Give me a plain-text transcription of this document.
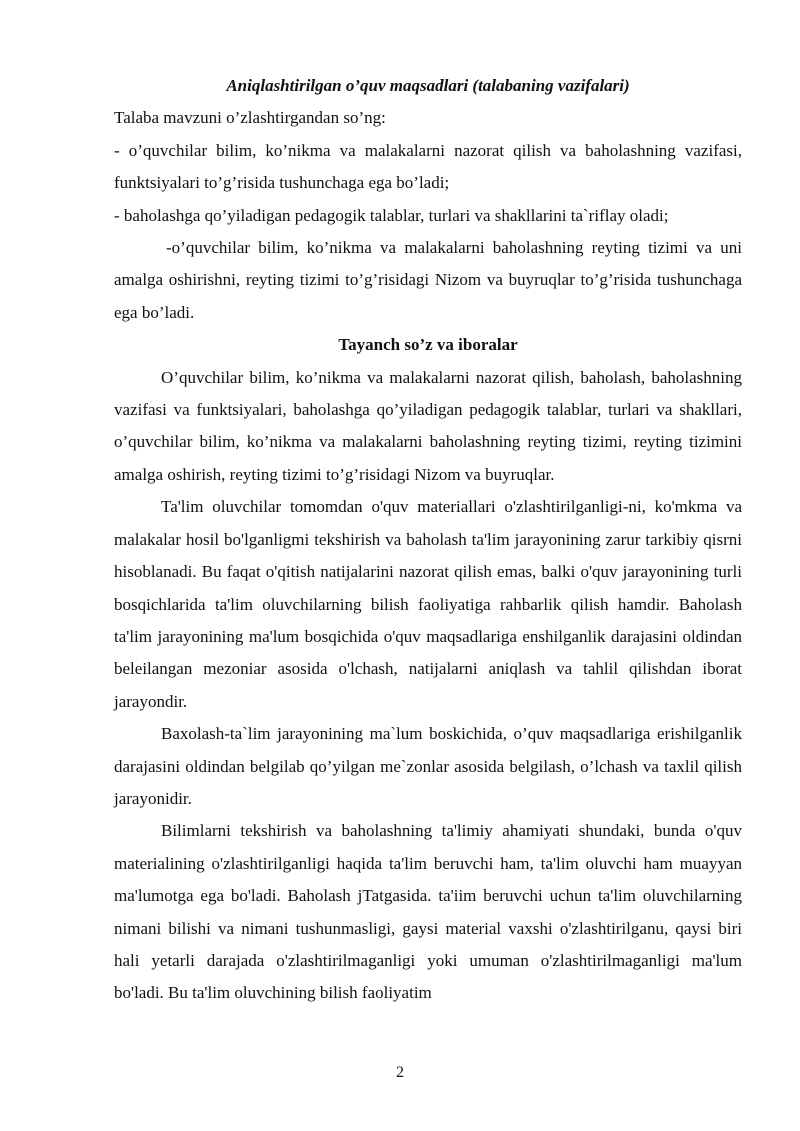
Aniqlashtirilgan o’quv maqsadlari (talabaning vazifalari)

Talaba mavzuni o’zlashtirgandan so’ng:

- o’quvchilar bilim, ko’nikma va malakalarni nazorat qilish va baholashning vazifasi, funktsiyalari to’g’risida tushunchaga ega bo’ladi;

- baholashga qo’yiladigan pedagogik talablar, turlari va shakllarini ta`riflay oladi;

-o’quvchilar bilim, ko’nikma va malakalarni baholashning reyting tizimi va uni amalga oshirishni, reyting tizimi to’g’risidagi Nizom va buyruqlar to’g’risida tushunchaga ega bo’ladi.

Tayanch so’z va iboralar

O’quvchilar bilim, ko’nikma va malakalarni nazorat qilish, baholash, baholashning vazifasi va funktsiyalari, baholashga qo’yiladigan pedagogik talablar, turlari va shakllari, o’quvchilar bilim, ko’nikma va malakalarni baholashning reyting tizimi, reyting tizimini amalga oshirish, reyting tizimi to’g’risidagi Nizom va buyruqlar.

Ta'lim oluvchilar tomomdan o'quv materiallari o'zlashtirilganligi-ni, ko'mkma va malakalar hosil bo'lganligmi tekshirish va baholash ta'lim jarayonining zarur tarkibiy qisrni hisoblanadi. Bu faqat o'qitish natijalarini nazorat qilish emas, balki o'quv jarayonining turli bosqichlarida ta'lim oluvchilarning bilish faoliyatiga rahbarlik qilish hamdir. Baholash ta'lim jarayonining ma'lum bosqichida o'quv maqsadlariga enshilganlik darajasini oldindan beleilangan mezoniar asosida o'lchash, natijalarni aniqlash va tahlil qilishdan iborat jarayondir.

Baxolash-ta`lim jarayonining ma`lum boskichida, o’quv maqsadlariga erishilganlik darajasini oldindan belgilab qo’yilgan me`zonlar asosida belgilash, o’lchash va taxlil qilish jarayonidir.

Bilimlarni tekshirish va baholashning ta'limiy ahamiyati shundaki, bunda o'quv materialining o'zlashtirilganligi haqida ta'lim beruvchi ham, ta'lim oluvchi ham muayyan ma'lumotga ega bo'ladi. Baholash jTatgasida. ta'iim beruvchi uchun ta'lim oluvchilarning nimani bilishi va nimani tushunmasligi, gaysi material vaxshi o'zlashtirilganu, qaysi biri hali yetarli darajada o'zlashtirilmaganligi yoki umuman o'zlashtirilmaganligi ma'lum bo'ladi. Bu ta'lim oluvchining bilish faoliyatim

2
